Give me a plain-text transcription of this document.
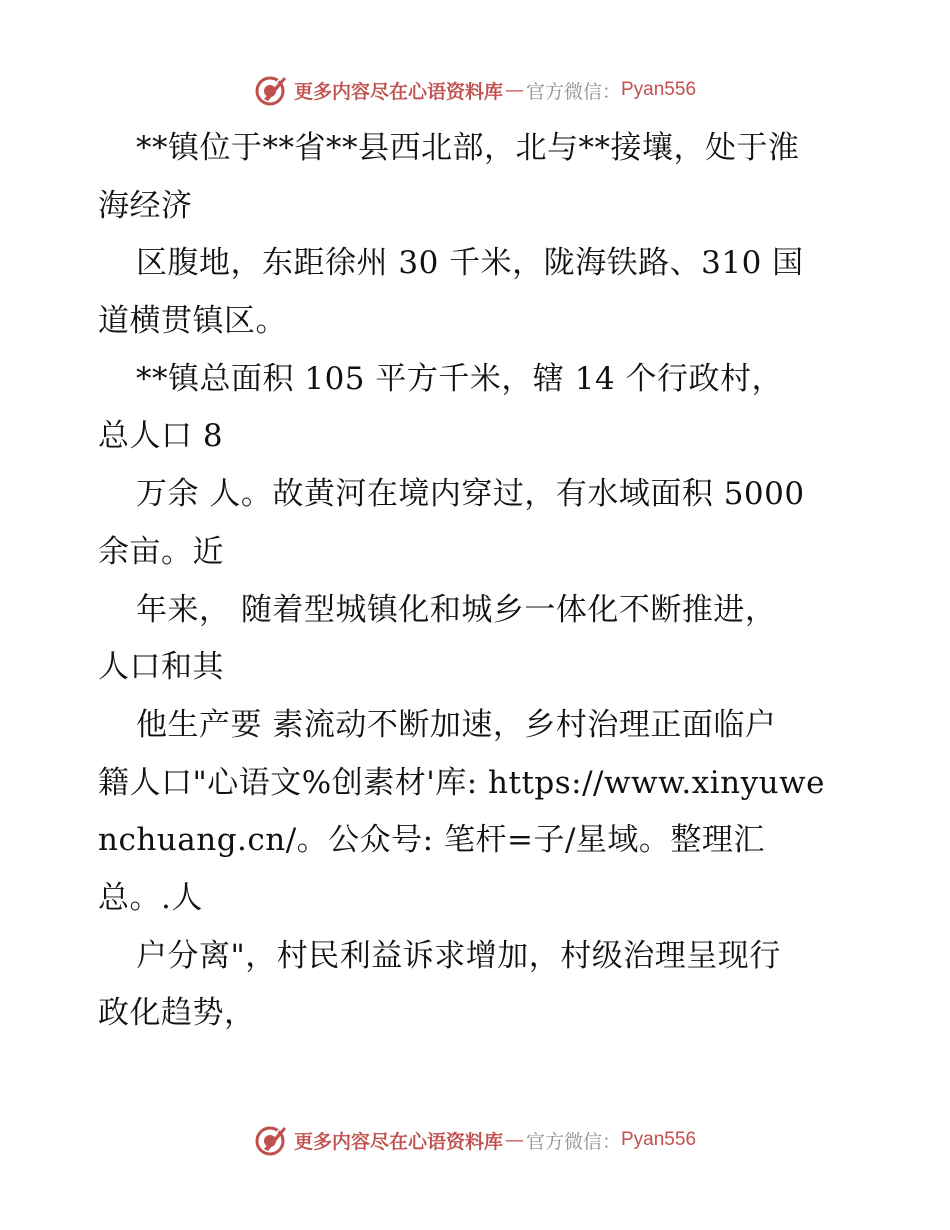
更多内容尽在心语资料库 — 官方微信： Pyan556
**镇位于**省**县西北部，北与**接壤，处于淮
海经济
区腹地，东距徐州 30 千米，陇海铁路、310 国
道横贯镇区。
**镇总面积 105 平方千米，辖 14 个行政村，
总人口 8
万余 人。故黄河在境内穿过，有水域面积 5000
余亩。近
年来， 随着型城镇化和城乡一体化不断推进，
人口和其
他生产要 素流动不断加速，乡村治理正面临户
籍人口"心语文%创素材'库: https://www.xinyuwe
nchuang.cn/。公众号: 笔杆=子/星域。整理汇
总。.人
户分离"，村民利益诉求增加，村级治理呈现行
政化趋势，
更多内容尽在心语资料库 — 官方微信： Pyan556
